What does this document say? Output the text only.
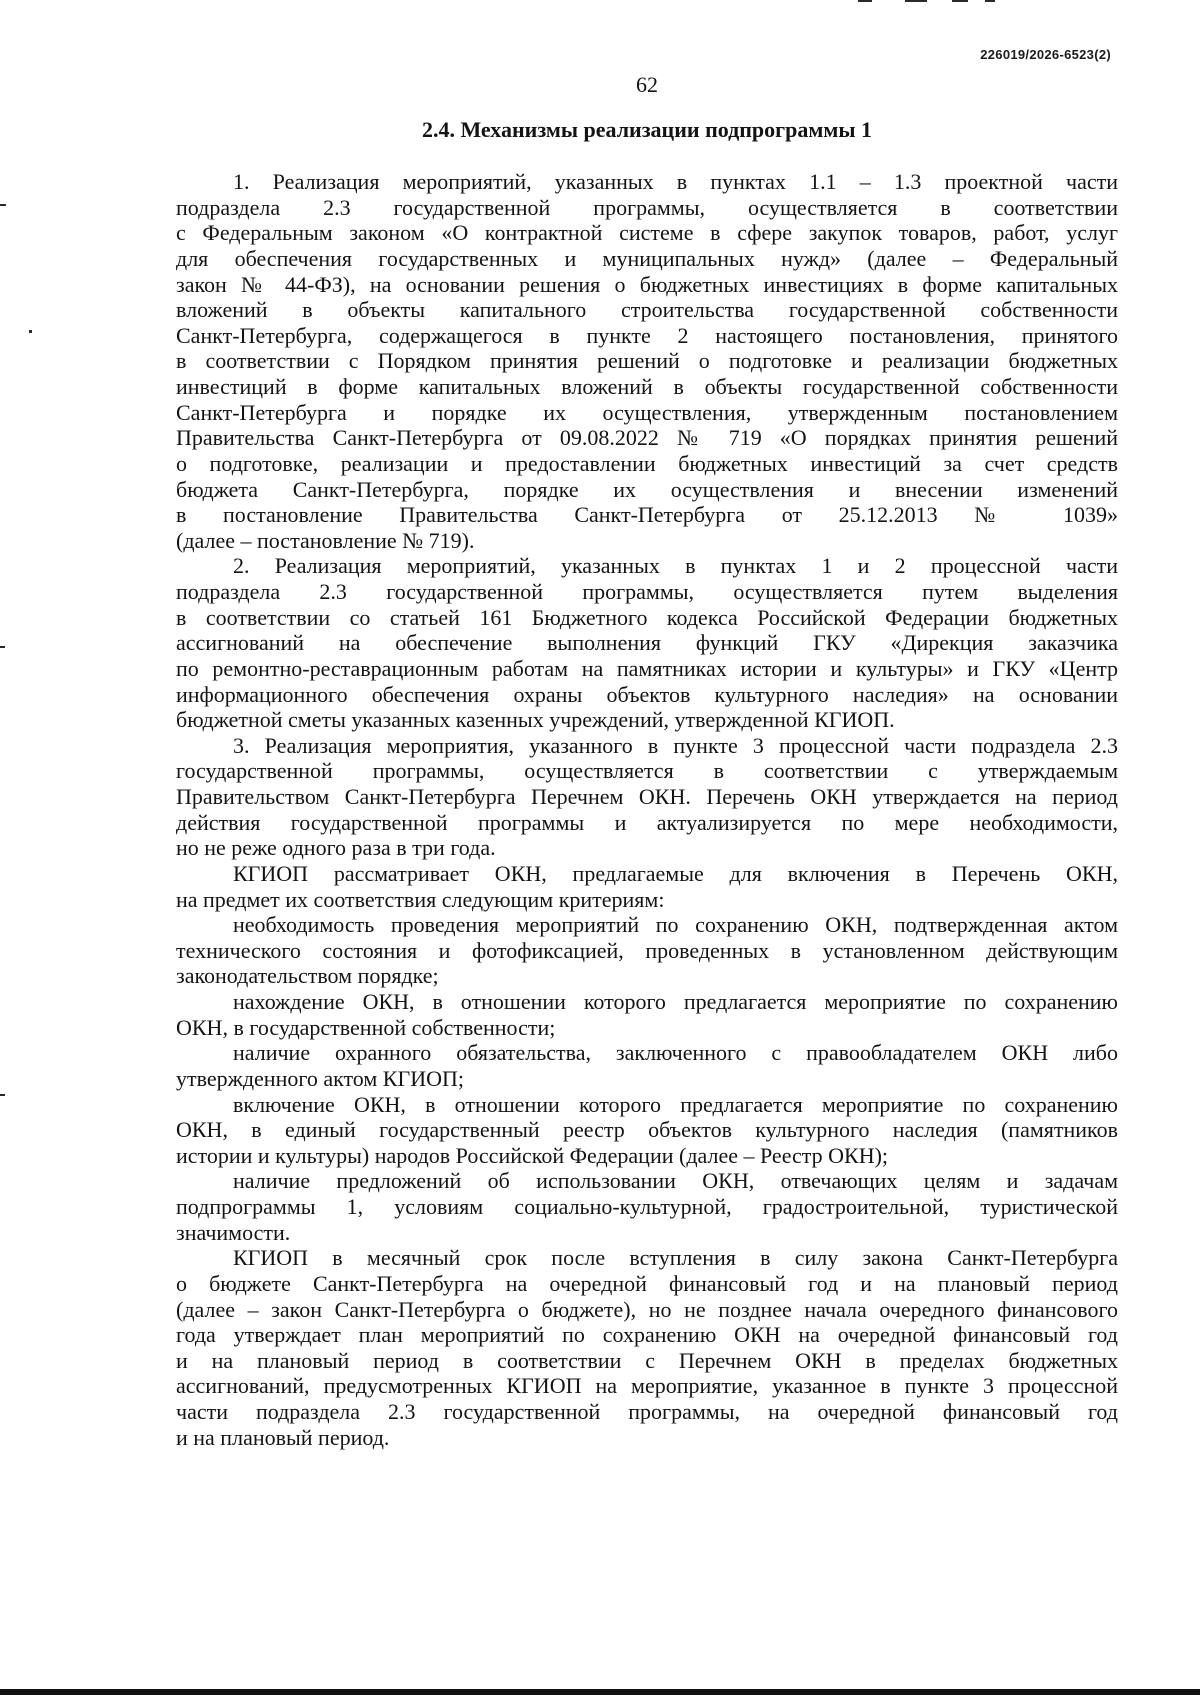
226019/2026-6523(2)
62
2.4. Механизмы реализации подпрограммы 1
1. Реализация мероприятий, указанных в пунктах 1.1 – 1.3 проектной части
подраздела 2.3 государственной программы, осуществляется в соответствии
с Федеральным законом «О контрактной системе в сфере закупок товаров, работ, услуг
для обеспечения государственных и муниципальных нужд» (далее – Федеральный
закон № 44-ФЗ), на основании решения о бюджетных инвестициях в форме капитальных
вложений в объекты капитального строительства государственной собственности
Санкт-Петербурга, содержащегося в пункте 2 настоящего постановления, принятого
в соответствии с Порядком принятия решений о подготовке и реализации бюджетных
инвестиций в форме капитальных вложений в объекты государственной собственности
Санкт-Петербурга и порядке их осуществления, утвержденным постановлением
Правительства Санкт-Петербурга от 09.08.2022 № 719 «О порядках принятия решений
о подготовке, реализации и предоставлении бюджетных инвестиций за счет средств
бюджета Санкт-Петербурга, порядке их осуществления и внесении изменений
в постановление Правительства Санкт-Петербурга от 25.12.2013 № 1039»
(далее – постановление № 719).
2. Реализация мероприятий, указанных в пунктах 1 и 2 процессной части
подраздела 2.3 государственной программы, осуществляется путем выделения
в соответствии со статьей 161 Бюджетного кодекса Российской Федерации бюджетных
ассигнований на обеспечение выполнения функций ГКУ «Дирекция заказчика
по ремонтно-реставрационным работам на памятниках истории и культуры» и ГКУ «Центр
информационного обеспечения охраны объектов культурного наследия» на основании
бюджетной сметы указанных казенных учреждений, утвержденной КГИОП.
3. Реализация мероприятия, указанного в пункте 3 процессной части подраздела 2.3
государственной программы, осуществляется в соответствии с утверждаемым
Правительством Санкт-Петербурга Перечнем ОКН. Перечень ОКН утверждается на период
действия государственной программы и актуализируется по мере необходимости,
но не реже одного раза в три года.
КГИОП рассматривает ОКН, предлагаемые для включения в Перечень ОКН,
на предмет их соответствия следующим критериям:
необходимость проведения мероприятий по сохранению ОКН, подтвержденная актом
технического состояния и фотофиксацией, проведенных в установленном действующим
законодательством порядке;
нахождение ОКН, в отношении которого предлагается мероприятие по сохранению
ОКН, в государственной собственности;
наличие охранного обязательства, заключенного с правообладателем ОКН либо
утвержденного актом КГИОП;
включение ОКН, в отношении которого предлагается мероприятие по сохранению
ОКН, в единый государственный реестр объектов культурного наследия (памятников
истории и культуры) народов Российской Федерации (далее – Реестр ОКН);
наличие предложений об использовании ОКН, отвечающих целям и задачам
подпрограммы 1, условиям социально-культурной, градостроительной, туристической
значимости.
КГИОП в месячный срок после вступления в силу закона Санкт-Петербурга
о бюджете Санкт-Петербурга на очередной финансовый год и на плановый период
(далее – закон Санкт-Петербурга о бюджете), но не позднее начала очередного финансового
года утверждает план мероприятий по сохранению ОКН на очередной финансовый год
и на плановый период в соответствии с Перечнем ОКН в пределах бюджетных
ассигнований, предусмотренных КГИОП на мероприятие, указанное в пункте 3 процессной
части подраздела 2.3 государственной программы, на очередной финансовый год
и на плановый период.
